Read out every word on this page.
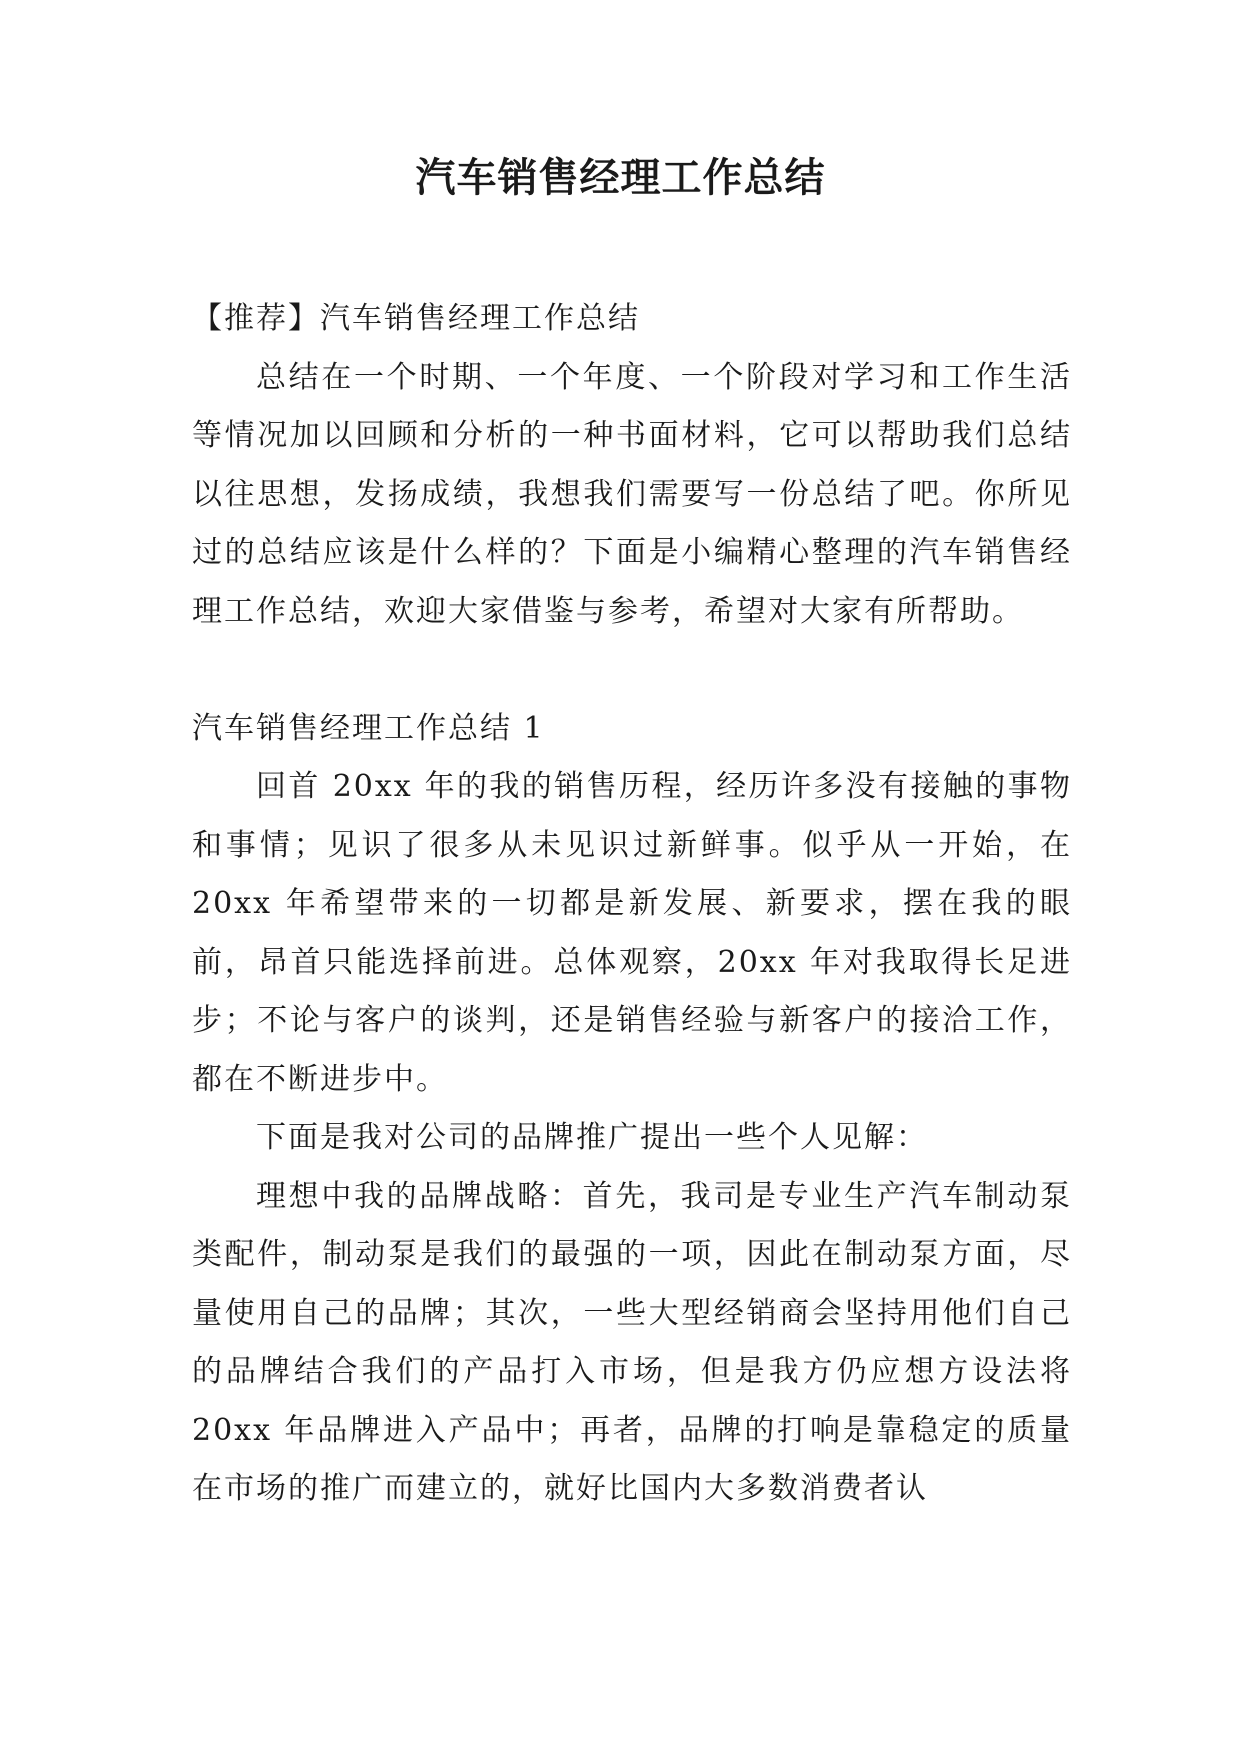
汽车销售经理工作总结

【推荐】汽车销售经理工作总结

总结在一个时期、一个年度、一个阶段对学习和工作生活等情况加以回顾和分析的一种书面材料，它可以帮助我们总结以往思想，发扬成绩，我想我们需要写一份总结了吧。你所见过的总结应该是什么样的？下面是小编精心整理的汽车销售经理工作总结，欢迎大家借鉴与参考，希望对大家有所帮助。

汽车销售经理工作总结 1

回首 20xx 年的我的销售历程，经历许多没有接触的事物和事情；见识了很多从未见识过新鲜事。似乎从一开始，在 20xx 年希望带来的一切都是新发展、新要求，摆在我的眼前，昂首只能选择前进。总体观察，20xx 年对我取得长足进步；不论与客户的谈判，还是销售经验与新客户的接洽工作，都在不断进步中。

下面是我对公司的品牌推广提出一些个人见解：

理想中我的品牌战略：首先，我司是专业生产汽车制动泵类配件，制动泵是我们的最强的一项，因此在制动泵方面，尽量使用自己的品牌；其次，一些大型经销商会坚持用他们自己的品牌结合我们的产品打入市场，但是我方仍应想方设法将 20xx 年品牌进入产品中；再者，品牌的打响是靠稳定的质量在市场的推广而建立的，就好比国内大多数消费者认
